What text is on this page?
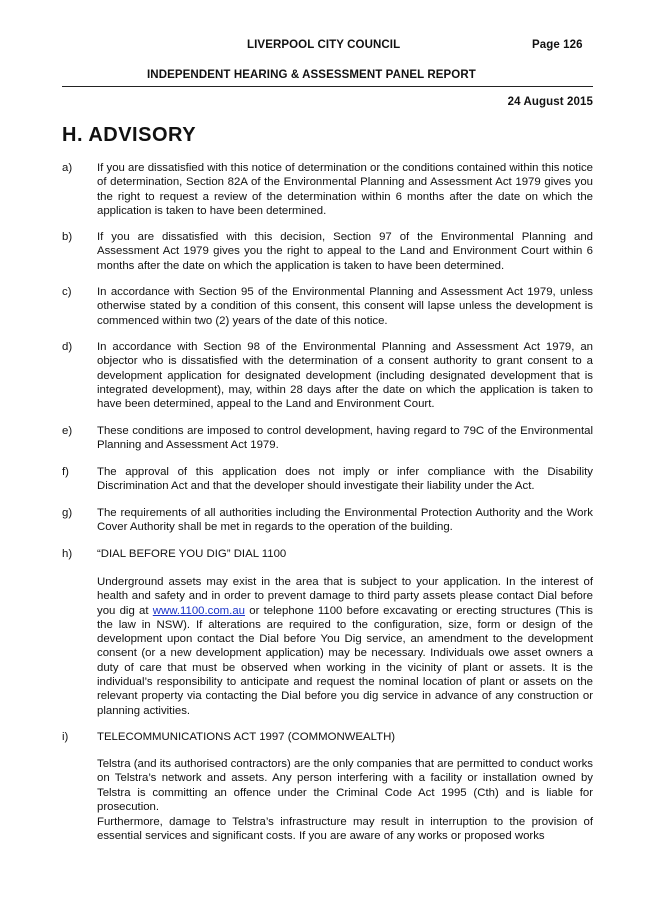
LIVERPOOL CITY COUNCIL	Page 126
INDEPENDENT HEARING & ASSESSMENT PANEL REPORT
24 August 2015
H. ADVISORY
a)	If you are dissatisfied with this notice of determination or the conditions contained within this notice of determination, Section 82A of the Environmental Planning and Assessment Act 1979 gives you the right to request a review of the determination within 6 months after the date on which the application is taken to have been determined.
b)	If you are dissatisfied with this decision, Section 97 of the Environmental Planning and Assessment Act 1979 gives you the right to appeal to the Land and Environment Court within 6 months after the date on which the application is taken to have been determined.
c)	In accordance with Section 95 of the Environmental Planning and Assessment Act 1979, unless otherwise stated by a condition of this consent, this consent will lapse unless the development is commenced within two (2) years of the date of this notice.
d)	In accordance with Section 98 of the Environmental Planning and Assessment Act 1979, an objector who is dissatisfied with the determination of a consent authority to grant consent to a development application for designated development (including designated development that is integrated development), may, within 28 days after the date on which the application is taken to have been determined, appeal to the Land and Environment Court.
e)	These conditions are imposed to control development, having regard to 79C of the Environmental Planning and Assessment Act 1979.
f)	The approval of this application does not imply or infer compliance with the Disability Discrimination Act and that the developer should investigate their liability under the Act.
g)	The requirements of all authorities including the Environmental Protection Authority and the Work Cover Authority shall be met in regards to the operation of the building.
h)	“DIAL BEFORE YOU DIG” DIAL 1100
Underground assets may exist in the area that is subject to your application. In the interest of health and safety and in order to prevent damage to third party assets please contact Dial before you dig at www.1100.com.au or telephone 1100 before excavating or erecting structures (This is the law in NSW). If alterations are required to the configuration, size, form or design of the development upon contact the Dial before You Dig service, an amendment to the development consent (or a new development application) may be necessary. Individuals owe asset owners a duty of care that must be observed when working in the vicinity of plant or assets. It is the individual’s responsibility to anticipate and request the nominal location of plant or assets on the relevant property via contacting the Dial before you dig service in advance of any construction or planning activities.
i)	TELECOMMUNICATIONS ACT 1997 (COMMONWEALTH)
Telstra (and its authorised contractors) are the only companies that are permitted to conduct works on Telstra’s network and assets. Any person interfering with a facility or installation owned by Telstra is committing an offence under the Criminal Code Act 1995 (Cth) and is liable for prosecution.
Furthermore, damage to Telstra’s infrastructure may result in interruption to the provision of essential services and significant costs. If you are aware of any works or proposed works
